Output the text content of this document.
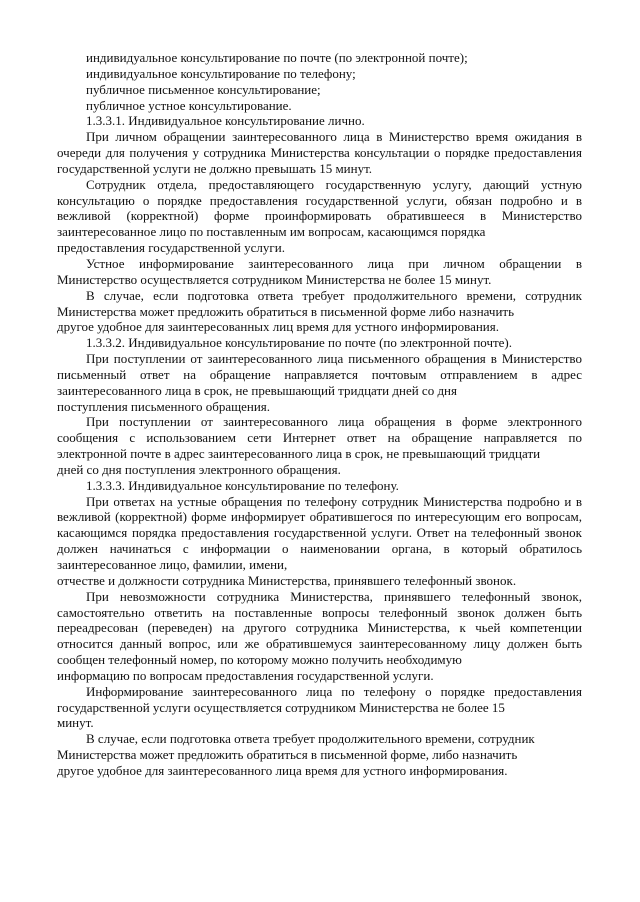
индивидуальное консультирование по почте (по электронной почте);

индивидуальное консультирование по телефону;

публичное письменное консультирование;

публичное устное консультирование.

1.3.3.1. Индивидуальное консультирование лично.

При личном обращении заинтересованного лица в Министерство время ожидания в очереди для получения у сотрудника Министерства консультации о порядке предоставления государственной услуги не должно превышать 15 минут.

Сотрудник отдела, предоставляющего государственную услугу, дающий устную консультацию о порядке предоставления государственной услуги, обязан подробно и в вежливой (корректной) форме проинформировать обратившееся в Министерство заинтересованное лицо по поставленным им вопросам, касающимся порядка
предоставления государственной услуги.

Устное информирование заинтересованного лица при личном обращении в Министерство осуществляется сотрудником Министерства не более 15 минут.

В случае, если подготовка ответа требует продолжительного времени, сотрудник Министерства может предложить обратиться в письменной форме либо назначить
другое удобное для заинтересованных лиц время для устного информирования.

1.3.3.2. Индивидуальное консультирование по почте (по электронной почте).

При поступлении от заинтересованного лица письменного обращения в Министерство письменный ответ на обращение направляется почтовым отправлением в адрес заинтересованного лица в срок, не превышающий тридцати дней со дня
поступления письменного обращения.

При поступлении от заинтересованного лица обращения в форме электронного сообщения с использованием сети Интернет ответ на обращение направляется по электронной почте в адрес заинтересованного лица в срок, не превышающий тридцати
дней со дня поступления электронного обращения.

1.3.3.3. Индивидуальное консультирование по телефону.

При ответах на устные обращения по телефону сотрудник Министерства подробно и в вежливой (корректной) форме информирует обратившегося по интересующим его вопросам, касающимся порядка предоставления государственной услуги. Ответ на телефонный звонок должен начинаться с информации о наименовании органа, в который обратилось заинтересованное лицо, фамилии, имени,
отчестве и должности сотрудника Министерства, принявшего телефонный звонок.

При невозможности сотрудника Министерства, принявшего телефонный звонок, самостоятельно ответить на поставленные вопросы телефонный звонок должен быть переадресован (переведен) на другого сотрудника Министерства, к чьей компетенции относится данный вопрос, или же обратившемуся заинтересованному лицу должен быть сообщен телефонный номер, по которому можно получить необходимую
информацию по вопросам предоставления государственной услуги.

Информирование заинтересованного лица по телефону о порядке предоставления государственной услуги осуществляется сотрудником Министерства не более 15
минут.

В случае, если подготовка ответа требует продолжительного времени, сотрудник Министерства может предложить обратиться в письменной форме, либо назначить
другое удобное для заинтересованного лица время для устного информирования.
